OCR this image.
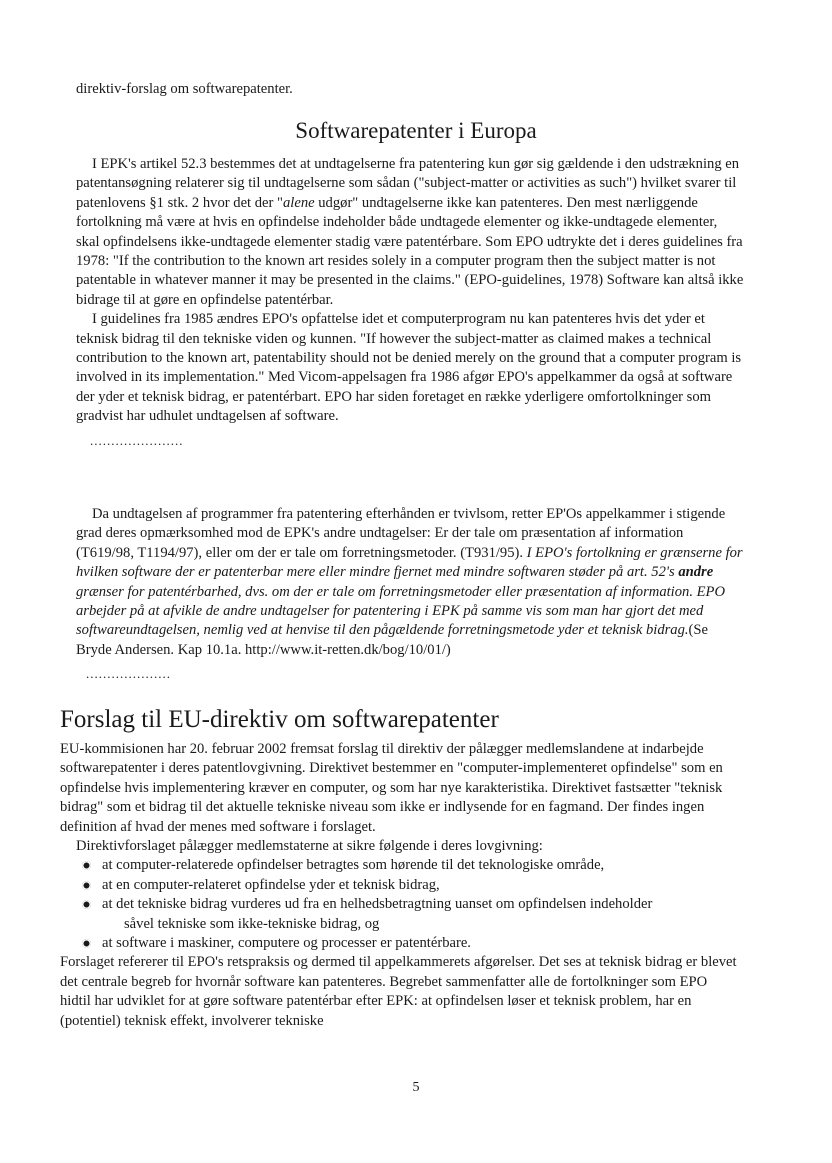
direktiv-forslag om softwarepatenter.

Softwarepatenter i Europa

I EPK's artikel 52.3 bestemmes det at undtagelserne fra patentering kun gør sig gældende i den udstrækning en patentansøgning relaterer sig til undtagelserne som sådan ("subject-matter or activities as such") hvilket svarer til patenlovens §1 stk. 2 hvor det der "alene udgør" undtagelserne ikke kan patenteres. Den mest nærliggende fortolkning må være at hvis en opfindelse indeholder både undtagede elementer og ikke-undtagede elementer, skal opfindelsens ikke-undtagede elementer stadig være patentérbare. Som EPO udtrykte det i deres guidelines fra 1978: "If the contribution to the known art resides solely in a computer program then the subject matter is not patentable in whatever manner it may be presented in the claims." (EPO-guidelines, 1978) Software kan altså ikke bidrage til at gøre en opfindelse patentérbar.

I guidelines fra 1985 ændres EPO's opfattelse idet et computerprogram nu kan patenteres hvis det yder et teknisk bidrag til den tekniske viden og kunnen. "If however the subject-matter as claimed makes a technical contribution to the known art, patentability should not be denied merely on the ground that a computer program is involved in its implementation." Med Vicom-appelsagen fra 1986 afgør EPO's appelkammer da også at software der yder et teknisk bidrag, er patentérbart. EPO har siden foretaget en række yderligere omfortolkninger som gradvist har udhulet undtagelsen af software.

......................

Da undtagelsen af programmer fra patentering efterhånden er tvivlsom, retter EP'Os appelkammer i stigende grad deres opmærksomhed mod de EPK's andre undtagelser: Er der tale om præsentation af information (T619/98, T1194/97), eller om der er tale om forretningsmetoder. (T931/95). I EPO's fortolkning er grænserne for hvilken software der er patenterbar mere eller mindre fjernet med mindre softwaren støder på art. 52's andre grænser for patentérbarhed, dvs. om der er tale om forretningsmetoder eller præsentation af information. EPO arbejder på at afvikle de andre undtagelser for patentering i EPK på samme vis som man har gjort det med softwareundtagelsen, nemlig ved at henvise til den pågældende forretningsmetode yder et teknisk bidrag.(Se Bryde Andersen. Kap 10.1a. http://www.it-retten.dk/bog/10/01/)

....................

Forslag til EU-direktiv om softwarepatenter

EU-kommisionen har 20. februar 2002 fremsat forslag til direktiv der pålægger medlemslandene at indarbejde softwarepatenter i deres patentlovgivning. Direktivet bestemmer en "computer-implementeret opfindelse" som en opfindelse hvis implementering kræver en computer, og som har nye karakteristika. Direktivet fastsætter "teknisk bidrag" som et bidrag til det aktuelle tekniske niveau som ikke er indlysende for en fagmand. Der findes ingen definition af hvad der menes med software i forslaget.

Direktivforslaget pålægger medlemstaterne at sikre følgende i deres lovgivning:

at computer-relaterede opfindelser betragtes som hørende til det teknologiske område,
at en computer-relateret opfindelse yder et teknisk bidrag,
at det tekniske bidrag vurderes ud fra en helhedsbetragtning uanset om opfindelsen indeholder
såvel tekniske som ikke-tekniske bidrag, og
at software i maskiner, computere og processer er patentérbare.

Forslaget refererer til EPO's retspraksis og dermed til appelkammerets afgørelser. Det ses at teknisk bidrag er blevet det centrale begreb for hvornår software kan patenteres. Begrebet sammenfatter alle de fortolkninger som EPO hidtil har udviklet for at gøre software patentérbar efter EPK: at opfindelsen løser et teknisk problem, har en (potentiel) teknisk effekt, involverer tekniske

5
